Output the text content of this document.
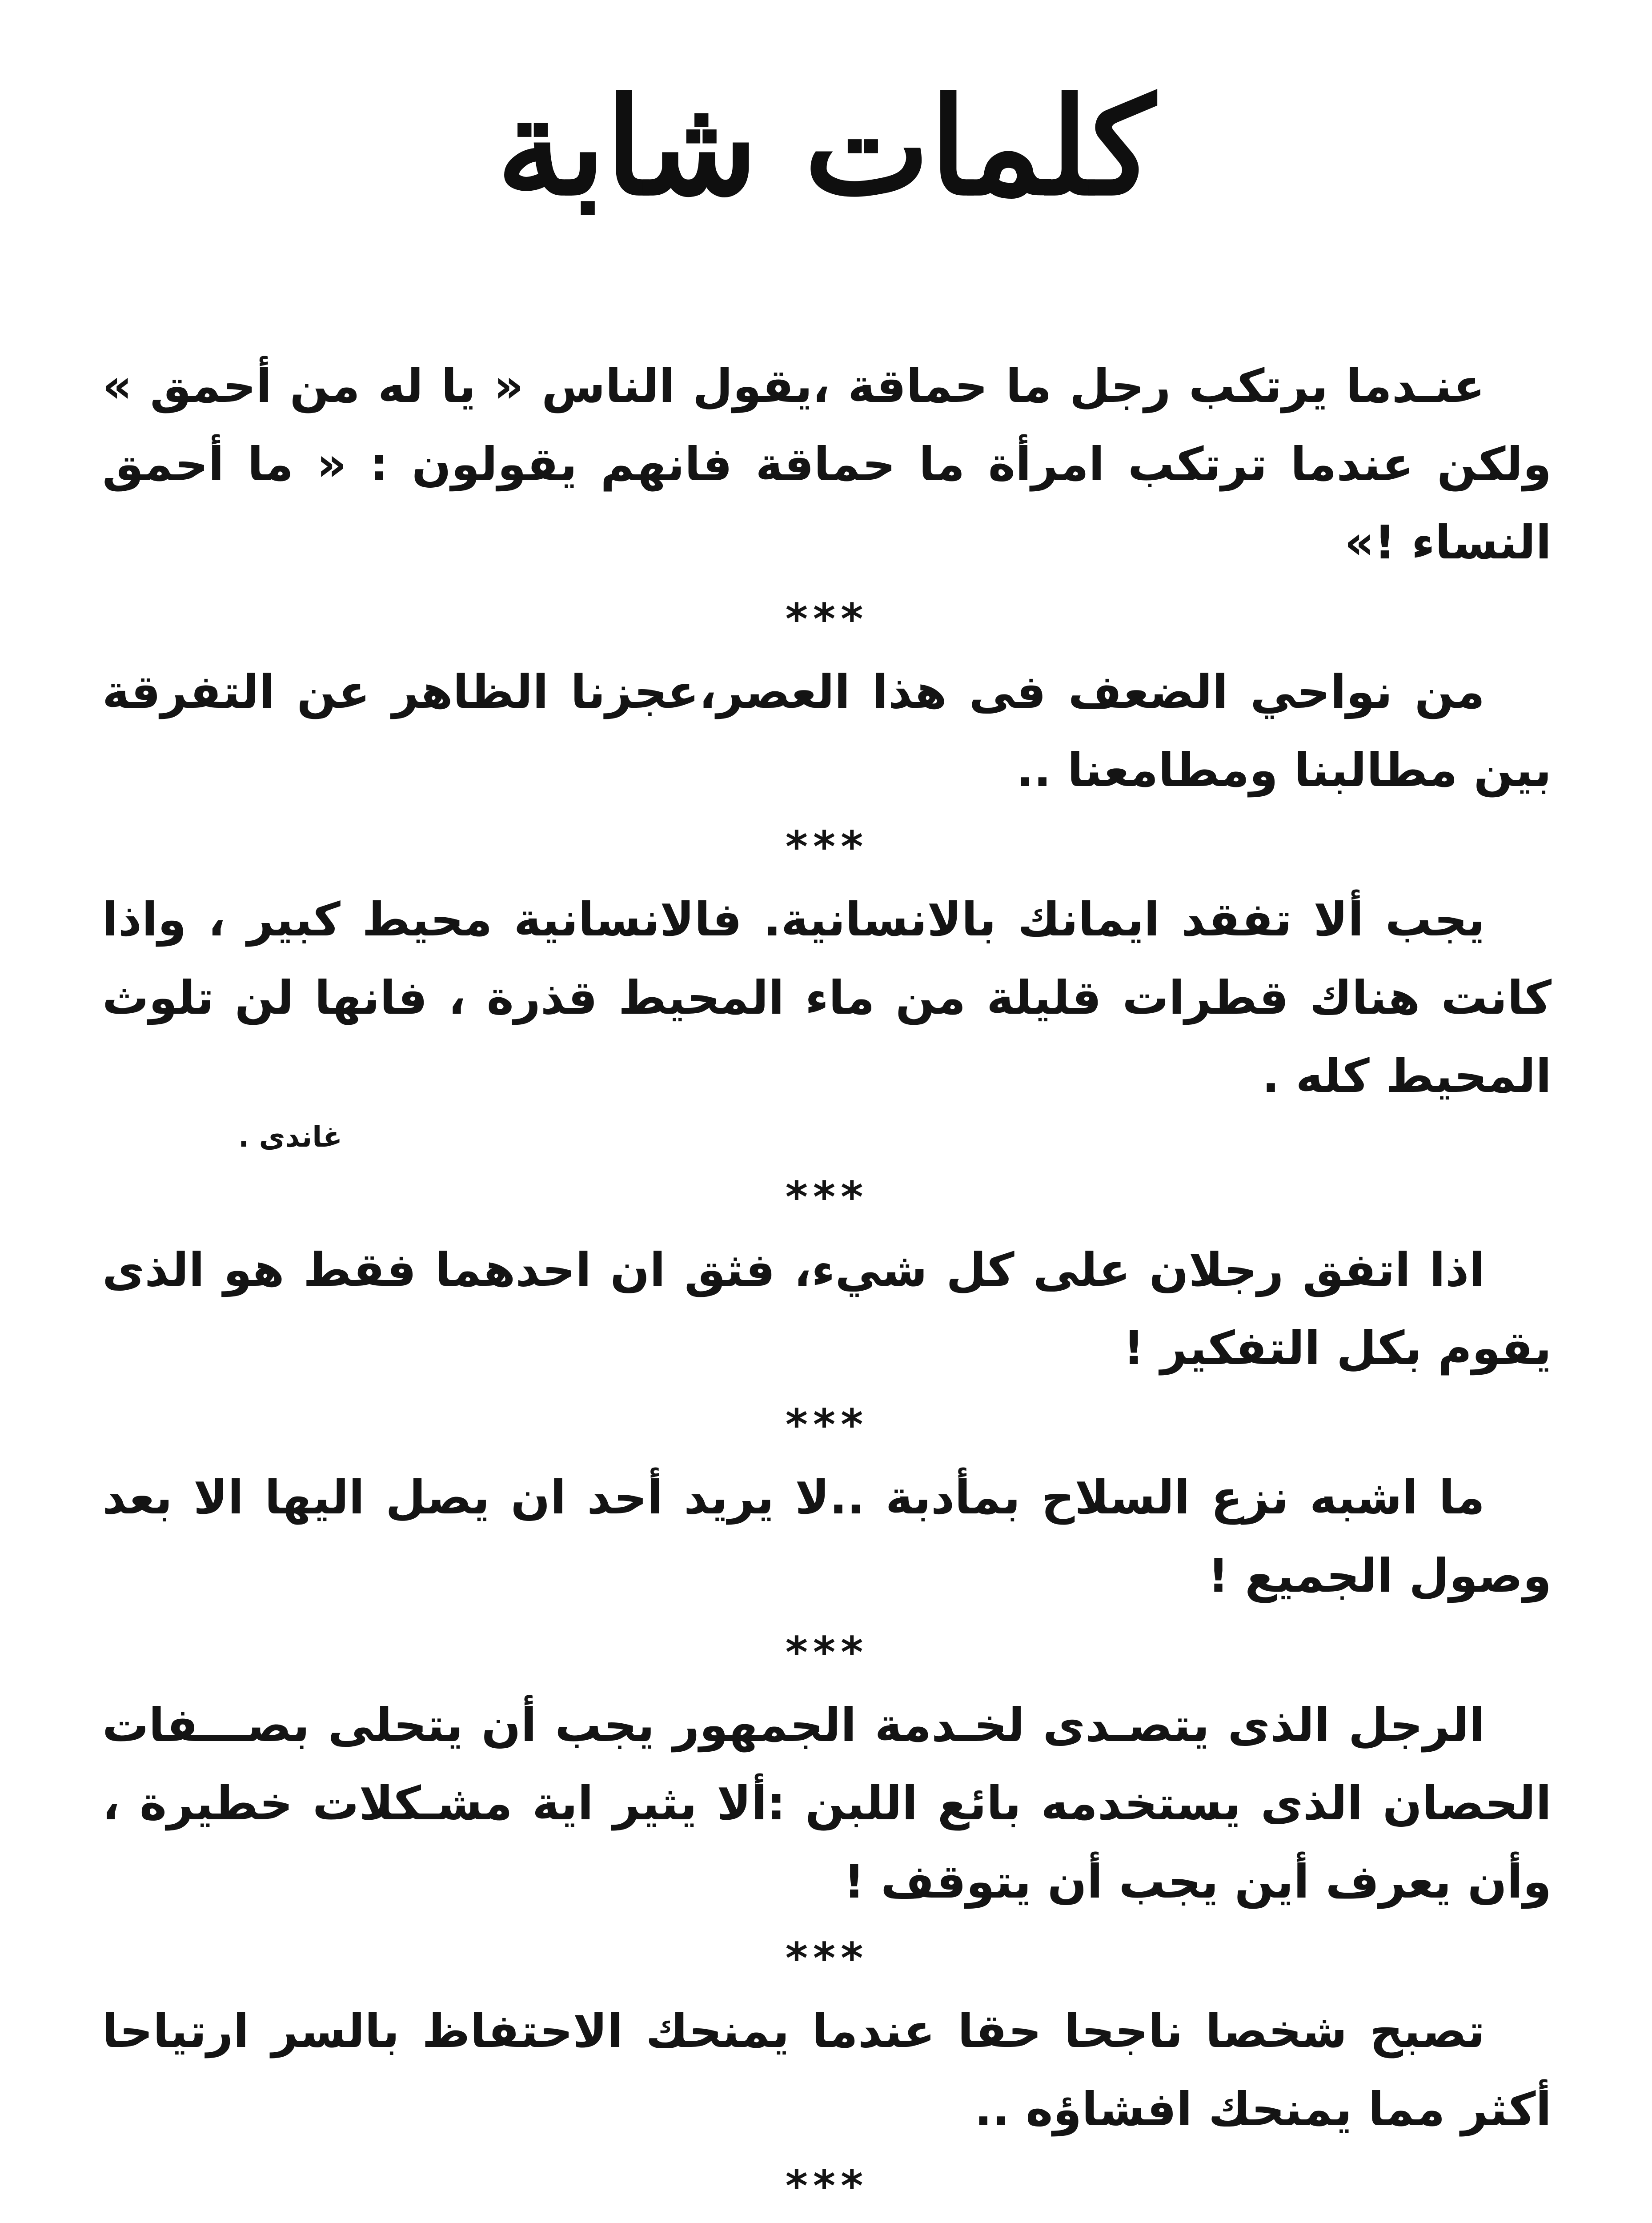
كلمات شابة

عنـدما يرتكب رجل ما حماقة ،يقول الناس « يا له من أحمق » ولكن عندما ترتكب امرأة ما حماقة فانهم يقولون : « ما أحمق النساء !»

***

من نواحي الضعف فى هذا العصر،عجزنا الظاهر عن التفرقة بين مطالبنا ومطامعنا ..

***

يجب ألا تفقد ايمانك بالانسانية. فالانسانية محيط كبير ، واذا كانت هناك قطرات قليلة من ماء المحيط قذرة ، فانها لن تلوث المحيط كله .

غاندى .
***

اذا اتفق رجلان على كل شيء، فثق ان احدهما فقط هو الذى يقوم بكل التفكير !

***

ما اشبه نزع السلاح بمأدبة ..لا يريد أحد ان يصل اليها الا بعد وصول الجميع !

***

الرجل الذى يتصـدى لخـدمة الجمهور يجب أن يتحلى بصـــفات الحصان الذى يستخدمه بائع اللبن :ألا يثير اية مشـكلات خطيرة ، وأن يعرف أين يجب أن يتوقف !

***

تصبح شخصا ناجحا حقا عندما يمنحك الاحتفاظ بالسر ارتياحا أكثر مما يمنحك افشاؤه ..

***
